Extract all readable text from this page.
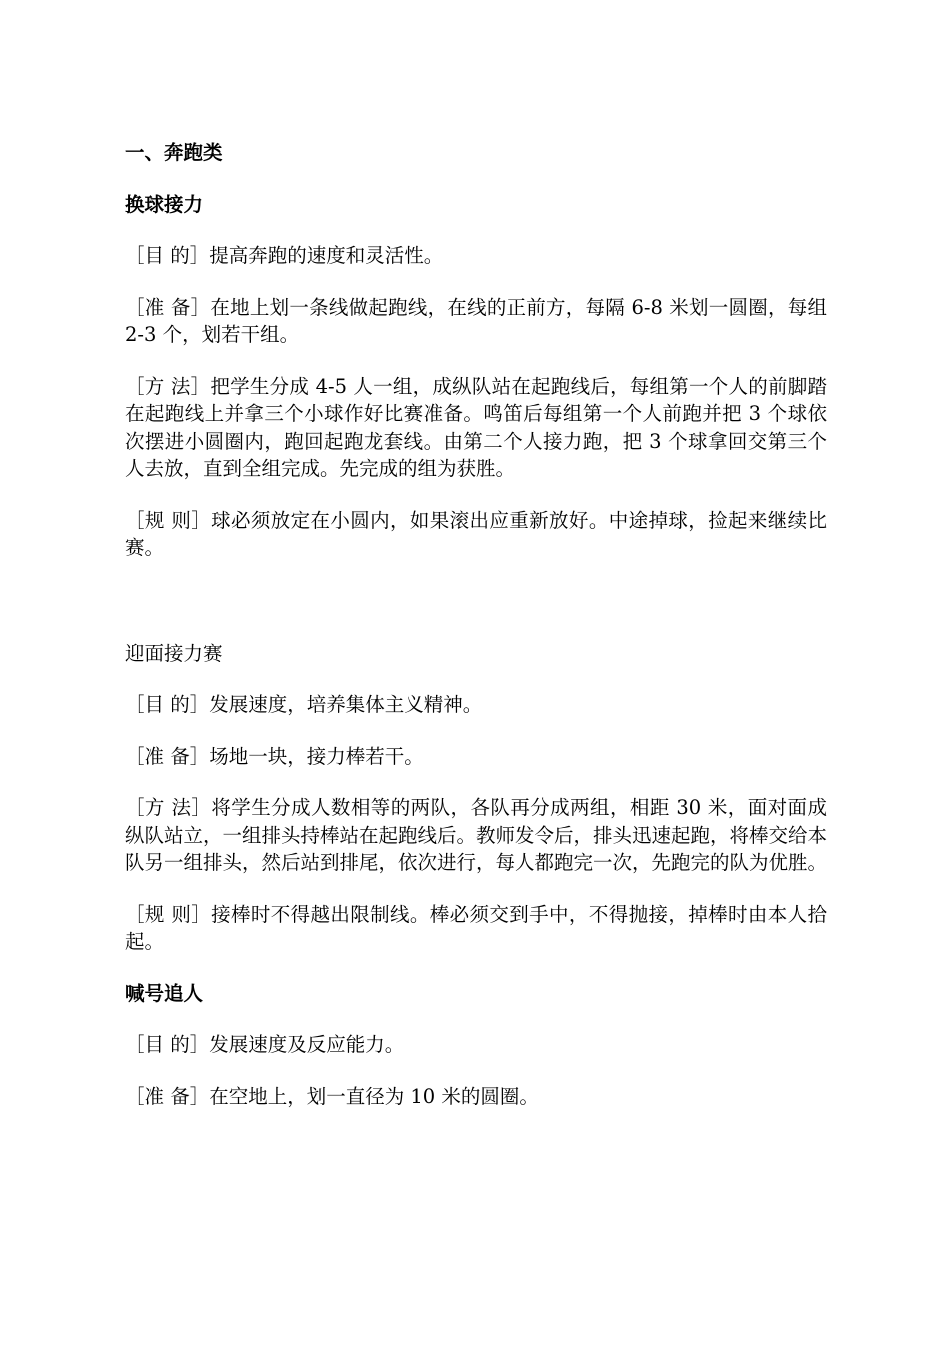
一、奔跑类
换球接力
［目 的］提高奔跑的速度和灵活性。
［准 备］在地上划一条线做起跑线，在线的正前方，每隔 6-8 米划一圆圈，每组 2-3 个，划若干组。
［方 法］把学生分成 4-5 人一组，成纵队站在起跑线后，每组第一个人的前脚踏在起跑线上并拿三个小球作好比赛准备。鸣笛后每组第一个人前跑并把 3 个球依次摆进小圆圈内，跑回起跑龙套线。由第二个人接力跑，把 3 个球拿回交第三个人去放，直到全组完成。先完成的组为获胜。
［规 则］球必须放定在小圆内，如果滚出应重新放好。中途掉球，捡起来继续比赛。
迎面接力赛
［目 的］发展速度，培养集体主义精神。
［准 备］场地一块，接力棒若干。
［方 法］将学生分成人数相等的两队，各队再分成两组，相距 30 米，面对面成纵队站立，一组排头持棒站在起跑线后。教师发令后，排头迅速起跑，将棒交给本队另一组排头，然后站到排尾，依次进行，每人都跑完一次，先跑完的队为优胜。
［规 则］接棒时不得越出限制线。棒必须交到手中，不得抛接，掉棒时由本人拾起。
喊号追人
［目 的］发展速度及反应能力。
［准 备］在空地上，划一直径为 10 米的圆圈。
